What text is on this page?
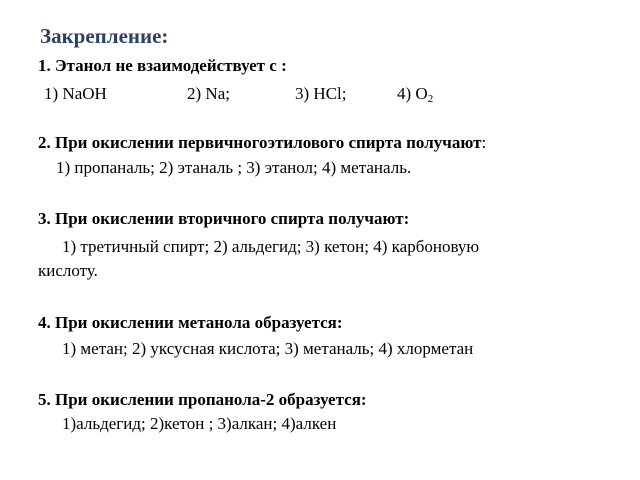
Закрепление:
1. Этанол не взаимодействует с :
1) NaOH	2) Na;	3) HCl;	4) $O_2$
2. При окислении первичногоэтилового спирта получают:
1) пропаналь; 2) этаналь ; 3) этанол; 4) метаналь.
3. При окислении вторичного спирта получают:
1) третичный спирт; 2) альдегид; 3) кетон; 4) карбоновую
кислоту.
4. При окислении метанола образуется:
1) метан; 2) уксусная кислота; 3) метаналь; 4) хлорметан
5. При окислении пропанола-2 образуется:
1)альдегид; 2)кетон ; 3)алкан; 4)алкен
